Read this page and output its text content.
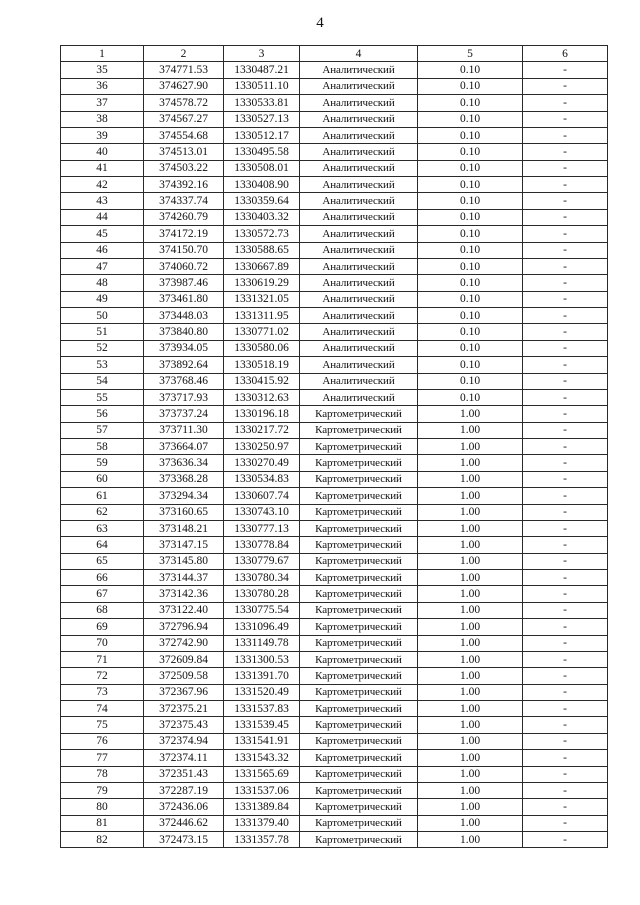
4
1	2	3	4	5	6
35	374771.53	1330487.21	Аналитический	0.10	-
36	374627.90	1330511.10	Аналитический	0.10	-
37	374578.72	1330533.81	Аналитический	0.10	-
38	374567.27	1330527.13	Аналитический	0.10	-
39	374554.68	1330512.17	Аналитический	0.10	-
40	374513.01	1330495.58	Аналитический	0.10	-
41	374503.22	1330508.01	Аналитический	0.10	-
42	374392.16	1330408.90	Аналитический	0.10	-
43	374337.74	1330359.64	Аналитический	0.10	-
44	374260.79	1330403.32	Аналитический	0.10	-
45	374172.19	1330572.73	Аналитический	0.10	-
46	374150.70	1330588.65	Аналитический	0.10	-
47	374060.72	1330667.89	Аналитический	0.10	-
48	373987.46	1330619.29	Аналитический	0.10	-
49	373461.80	1331321.05	Аналитический	0.10	-
50	373448.03	1331311.95	Аналитический	0.10	-
51	373840.80	1330771.02	Аналитический	0.10	-
52	373934.05	1330580.06	Аналитический	0.10	-
53	373892.64	1330518.19	Аналитический	0.10	-
54	373768.46	1330415.92	Аналитический	0.10	-
55	373717.93	1330312.63	Аналитический	0.10	-
56	373737.24	1330196.18	Картометрический	1.00	-
57	373711.30	1330217.72	Картометрический	1.00	-
58	373664.07	1330250.97	Картометрический	1.00	-
59	373636.34	1330270.49	Картометрический	1.00	-
60	373368.28	1330534.83	Картометрический	1.00	-
61	373294.34	1330607.74	Картометрический	1.00	-
62	373160.65	1330743.10	Картометрический	1.00	-
63	373148.21	1330777.13	Картометрический	1.00	-
64	373147.15	1330778.84	Картометрический	1.00	-
65	373145.80	1330779.67	Картометрический	1.00	-
66	373144.37	1330780.34	Картометрический	1.00	-
67	373142.36	1330780.28	Картометрический	1.00	-
68	373122.40	1330775.54	Картометрический	1.00	-
69	372796.94	1331096.49	Картометрический	1.00	-
70	372742.90	1331149.78	Картометрический	1.00	-
71	372609.84	1331300.53	Картометрический	1.00	-
72	372509.58	1331391.70	Картометрический	1.00	-
73	372367.96	1331520.49	Картометрический	1.00	-
74	372375.21	1331537.83	Картометрический	1.00	-
75	372375.43	1331539.45	Картометрический	1.00	-
76	372374.94	1331541.91	Картометрический	1.00	-
77	372374.11	1331543.32	Картометрический	1.00	-
78	372351.43	1331565.69	Картометрический	1.00	-
79	372287.19	1331537.06	Картометрический	1.00	-
80	372436.06	1331389.84	Картометрический	1.00	-
81	372446.62	1331379.40	Картометрический	1.00	-
82	372473.15	1331357.78	Картометрический	1.00	-
